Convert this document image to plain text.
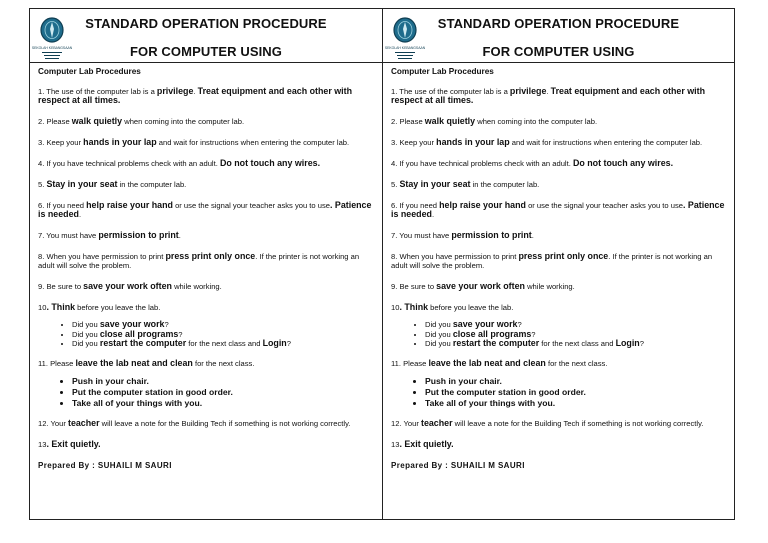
SEKOLAH KEBANGSAAN
STANDARD OPERATION PROCEDURE
FOR COMPUTER USING
Computer Lab Procedures
1. The use of the computer lab is a privilege. Treat equipment and each other with respect at all times.
2. Please walk quietly when coming into the computer lab.
3. Keep your hands in your lap and wait for instructions when entering the computer lab.
4. If you have technical problems check with an adult. Do not touch any wires.
5. Stay in your seat in the computer lab.
6. If you need help raise your hand or use the signal your teacher asks you to use. Patience is needed.
7. You must have permission to print.
8. When you have permission to print press print only once. If the printer is not working an adult will solve the problem.
9. Be sure to save your work often while working.
10. Think before you leave the lab.
• Did you save your work?
• Did you close all programs?
• Did you restart the computer for the next class and Login?
11. Please leave the lab neat and clean for the next class.
• Push in your chair.
• Put the computer station in good order.
• Take all of your things with you.
12. Your teacher will leave a note for the Building Tech if something is not working correctly.
13. Exit quietly.
Prepared By : SUHAILI M SAURI
SEKOLAH KEBANGSAAN
STANDARD OPERATION PROCEDURE
FOR COMPUTER USING
Computer Lab Procedures
1. The use of the computer lab is a privilege. Treat equipment and each other with respect at all times.
2. Please walk quietly when coming into the computer lab.
3. Keep your hands in your lap and wait for instructions when entering the computer lab.
4. If you have technical problems check with an adult. Do not touch any wires.
5. Stay in your seat in the computer lab.
6. If you need help raise your hand or use the signal your teacher asks you to use. Patience is needed.
7. You must have permission to print.
8. When you have permission to print press print only once. If the printer is not working an adult will solve the problem.
9. Be sure to save your work often while working.
10. Think before you leave the lab.
• Did you save your work?
• Did you close all programs?
• Did you restart the computer for the next class and Login?
11. Please leave the lab neat and clean for the next class.
• Push in your chair.
• Put the computer station in good order.
• Take all of your things with you.
12. Your teacher will leave a note for the Building Tech if something is not working correctly.
13. Exit quietly.
Prepared By : SUHAILI M SAURI
